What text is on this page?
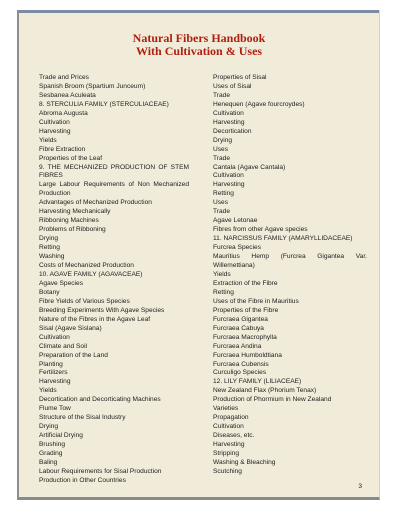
Natural Fibers Handbook
With Cultivation & Uses
Trade and Prices
Spanish Broom (Spartium Junceum)
Sesbanea Aculeata
8. STERCULIA FAMILY (STERCULIACEAE)
Abroma Augusta
Cultivation
Harvesting
Yields
Fibre Extraction
Properties of the Leaf
9. THE MECHANIZED PRODUCTION OF STEM
FIBRES
Large Labour Requirements of Non Mechanized
Production
Advantages of Mechanized Production
Harvesting Mechanically
Ribboning Machines
Problems of Ribboning
Drying
Retting
Washing
Costs of Mechanized Production
10. AGAVE FAMILY (AGAVACEAE)
Agave Species
Botany
Fibre Yields of Various Species
Breeding Experiments With Agave Species
Nature of the Fibres in the Agave Leaf
Sisal (Agave Sislana)
Cultivation
Climate and Soil
Preparation of the Land
Planting
Fertilizers
Harvesting
Yields
Decortication and Decorticating Machines
Flume Tow
Structure of the Sisal Industry
Drying
Artificial Drying
Brushing
Grading
Baling
Labour Requirements for Sisal Production
Production in Other Countries
Properties of Sisal
Uses of Sisal
Trade
Henequen (Agave fourcroydes)
Cultivation
Harvesting
Decortication
Drying
Uses
Trade
Cantala (Agave Cantala)
Cultivation
Harvesting
Retting
Uses
Trade
Agave Letonae
Fibres from other Agave species
11. NARCISSUS FAMILY (AMARYLLIDACEAE)
Furcrea Species
Mauritius Hemp (Furcrea Gigantea Var.
Willemettiana)
Yields
Extraction of the Fibre
Retting
Uses of the Fibre in Mauritius
Properties of the Fibre
Furcraea Gigantea
Furcraea Cabuya
Furcraea Macrophylla
Furcraea Andina
Furcraea Humboldtiana
Furcraea Cubensis
Curculigo Species
12. LILY FAMILY (LILIACEAE)
New Zealand Flax (Phorium Tenax)
Production of Phormium in New Zealand
Varieties
Propagation
Cultivation
Diseases, etc.
Harvesting
Stripping
Washing & Bleaching
Scutching
3
